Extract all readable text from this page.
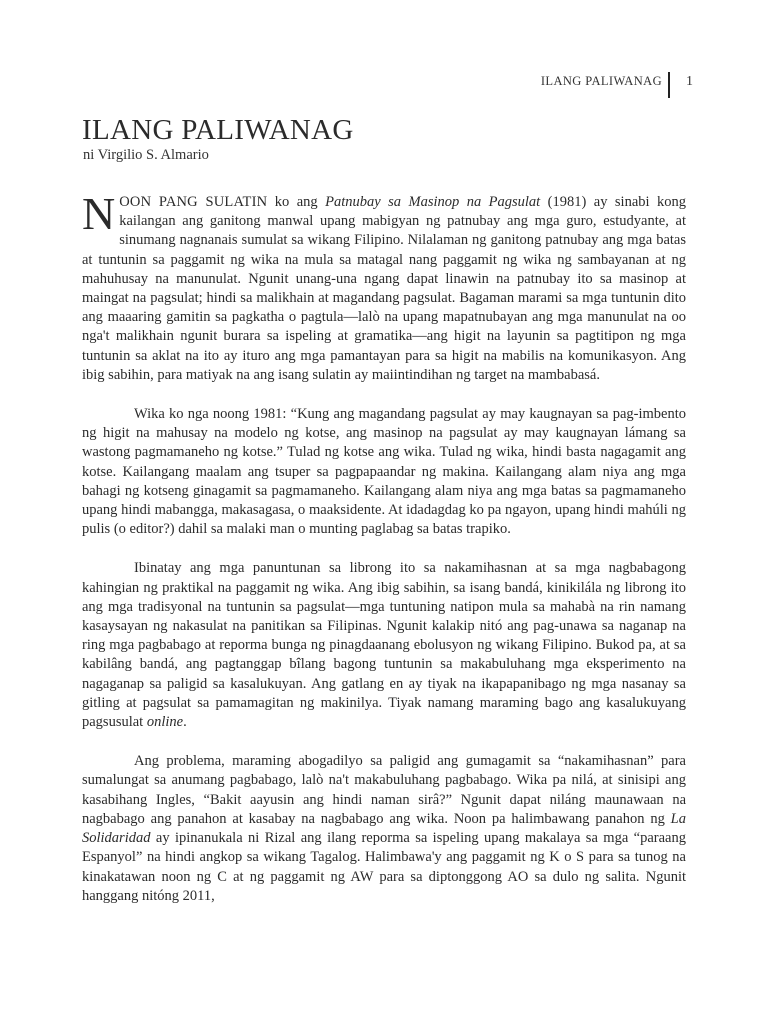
ILANG PALIWANAG 1
ILANG PALIWANAG
ni Virgilio S. Almario

NOON PANG SULATIN ko ang Patnubay sa Masinop na Pagsulat (1981) ay sinabi kong kailangan ang ganitong manwal upang mabigyan ng patnubay ang mga guro, estudyante, at sinumang nagnanais sumulat sa wikang Filipino. Nilalaman ng ganitong patnubay ang mga batas at tuntunin sa paggamit ng wika na mula sa matagal nang paggamit ng wika ng sambayanan at ng mahuhusay na manunulat. Ngunit unang-una ngang dapat linawin na patnubay ito sa masinop at maingat na pagsulat; hindi sa malikhain at magandang pagsulat. Bagaman marami sa mga tuntunin dito ang maaaring gamitin sa pagkatha o pagtula—lalò na upang mapatnubayan ang mga manunulat na oo nga't malikhain ngunit burara sa ispeling at gramatika—ang higit na layunin sa pagtitipon ng mga tuntunin sa aklat na ito ay ituro ang mga pamantayan para sa higit na mabilis na komunikasyon. Ang ibig sabihin, para matiyak na ang isang sulatin ay maiintindihan ng target na mambabasá.

Wika ko nga noong 1981: “Kung ang magandang pagsulat ay may kaugnayan sa pag-imbento ng higit na mahusay na modelo ng kotse, ang masinop na pagsulat ay may kaugnayan lámang sa wastong pagmamaneho ng kotse.” Tulad ng kotse ang wika. Tulad ng wika, hindi basta nagagamit ang kotse. Kailangang maalam ang tsuper sa pagpapaandar ng makina. Kailangang alam niya ang mga bahagi ng kotseng ginagamit sa pagmamaneho. Kailangang alam niya ang mga batas sa pagmamaneho upang hindi mabangga, makasagasa, o maaksidente. At idadagdag ko pa ngayon, upang hindi mahúli ng pulis (o editor?) dahil sa malaki man o munting paglabag sa batas trapiko.

Ibinatay ang mga panuntunan sa librong ito sa nakamihasnan at sa mga nagbabagong kahingian ng praktikal na paggamit ng wika. Ang ibig sabihin, sa isang bandá, kinikilála ng librong ito ang mga tradisyonal na tuntunin sa pagsulat—mga tuntuning natipon mula sa mahabà na rin namang kasaysayan ng nakasulat na panitikan sa Filipinas. Ngunit kalakip nitó ang pag-unawa sa naganap na ring mga pagbabago at reporma bunga ng pinagdaanang ebolusyon ng wikang Filipino. Bukod pa, at sa kabilâng bandá, ang pagtanggap bîlang bagong tuntunin sa makabuluhang mga eksperimento na nagaganap sa paligid sa kasalukuyan. Ang gatlang en ay tiyak na ikapapanibago ng mga nasanay sa gitling at pagsulat sa pamamagitan ng makinilya. Tiyak namang maraming bago ang kasalukuyang pagsusulat online.

Ang problema, maraming abogadilyo sa paligid ang gumagamit sa “nakamihasnan” para sumalungat sa anumang pagbabago, lalò na't makabuluhang pagbabago. Wika pa nilá, at sinisipi ang kasabihang Ingles, “Bakit aayusin ang hindi naman sirâ?” Ngunit dapat niláng maunawaan na nagbabago ang panahon at kasabay na nagbabago ang wika. Noon pa halimbawang panahon ng La Solidaridad ay ipinanukala ni Rizal ang ilang reporma sa ispeling upang makalaya sa mga “paraang Espanyol” na hindi angkop sa wikang Tagalog. Halimbawa'y ang paggamit ng K o S para sa tunog na kinakatawan noon ng C at ng paggamit ng AW para sa diptonggong AO sa dulo ng salita. Ngunit hanggang nitóng 2011,
